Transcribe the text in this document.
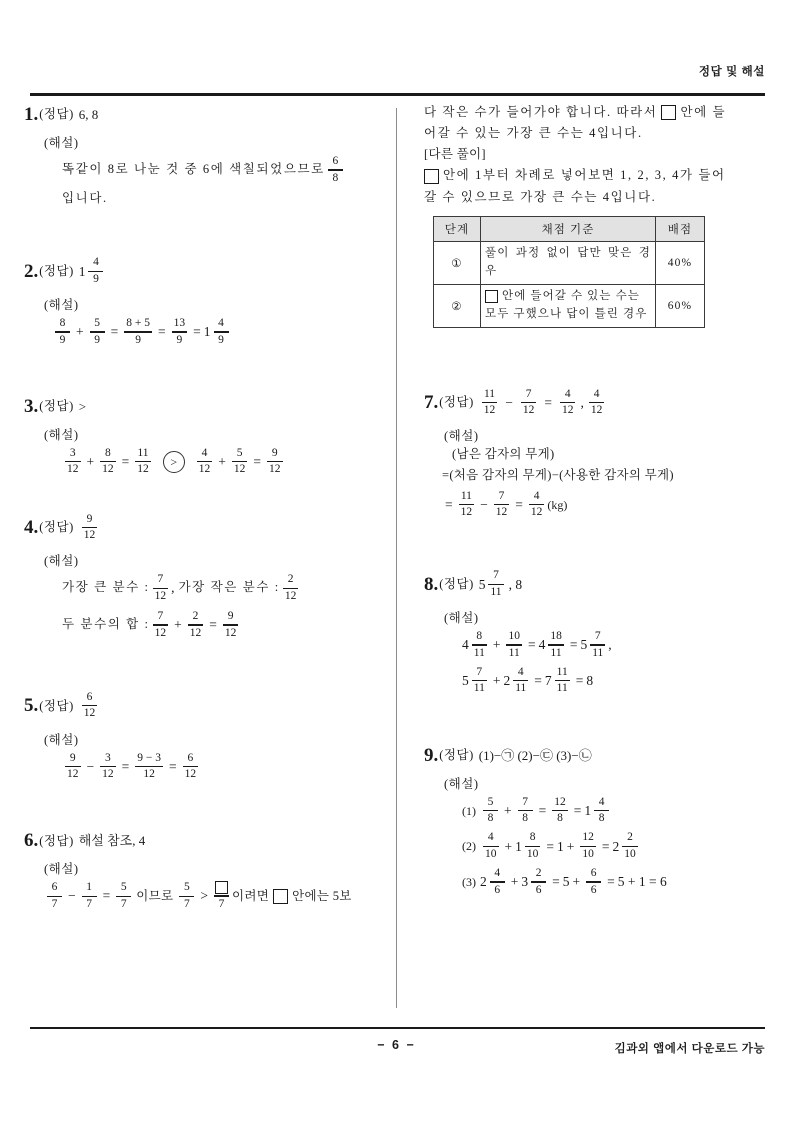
정답 및 해설
1. (정답) 6, 8
(해설)
똑같이 8로 나눈 것 중 6에 색칠되었으므로 $\frac{6}{8}$
입니다.
2. (정답) $1 \frac{4}{9}$
(해설)
$\frac{8}{9} + \frac{5}{9} = \frac{8 + 5}{9} = \frac{13}{9} = 1 \frac{4}{9}$
3. (정답) >
(해설)
$\frac{3}{12} + \frac{8}{12} = \frac{11}{12}$	>	$\frac{4}{12} + \frac{5}{12} = \frac{9}{12}$
4. (정답) $\frac{9}{12}$
(해설)
가장 큰 분수 : $\frac{7}{12}$ , 가장 작은 분수 : $\frac{2}{12}$
두 분수의 합 : $\frac{7}{12} + \frac{2}{12} = \frac{9}{12}$
5. (정답) $\frac{6}{12}$
(해설)
$\frac{9}{12} - \frac{3}{12} = \frac{9 - 3}{12} = \frac{6}{12}$
6. (정답) 해설 참조, 4
(해설)
$\frac{6}{7} - \frac{1}{7} = \frac{5}{7}$ 이므로 $\frac{5}{7}$ >
7
이려면 안에는 5보
다 작은 수가 들어가야 합니다. 따라서 안에 들
어갈 수 있는 가장 큰 수는 4입니다.
[다른 풀이]
안에 1부터 차례로 넣어보면 1, 2, 3, 4가 들어
갈 수 있으므로 가장 큰 수는 4입니다.
단계	채점 기준	배점
①	풀이 과정 없이 답만 맞은 경우	40%
②	안에 들어갈 수 있는 수는
모두 구했으나 답이 틀린 경우	60%
7. (정답) $\frac{11}{12} - \frac{7}{12} = \frac{4}{12}$ , $\frac{4}{12}$
(해설)
(남은 감자의 무게)
=(처음 감자의 무게)−(사용한 감자의 무게)
= $\frac{11}{12} - \frac{7}{12} = \frac{4}{12} (kg)$
8. (정답) $5 \frac{7}{11}$ , 8
(해설)
$4 \frac{8}{11} + \frac{10}{11} = 4 \frac{18}{11} = 5 \frac{7}{11}$ ,
$5 \frac{7}{11} + 2 \frac{4}{11} = 7 \frac{11}{11} = 8$
9. (정답) (1)−㉠ (2)−㉢ (3)−㉡
(해설)
$(1) \frac{5}{8} + \frac{7}{8} = \frac{12}{8} = 1 \frac{4}{8}$
$(2) \frac{4}{10} + 1 \frac{8}{10} = 1 + \frac{12}{10} = 2 \frac{2}{10}$
(3) $2 \frac{4}{6} + 3 \frac{2}{6} = 5 + \frac{6}{6} = 5 + 1 = 6$
− 6 −	김과외 앱에서 다운로드 가능
